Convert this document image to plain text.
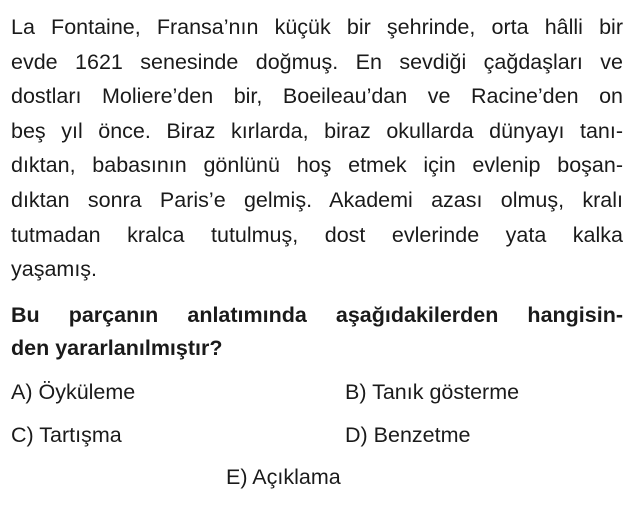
La Fontaine, Fransa’nın küçük bir şehrinde, orta hâlli bir
evde 1621 senesinde doğmuş. En sevdiği çağdaşları ve
dostları Moliere’den bir, Boeileau’dan ve Racine’den on
beş yıl önce. Biraz kırlarda, biraz okullarda dünyayı tanı-
dıktan, babasının gönlünü hoş etmek için evlenip boşan-
dıktan sonra Paris’e gelmiş. Akademi azası olmuş, kralı
tutmadan kralca tutulmuş, dost evlerinde yata kalka
yaşamış.
Bu parçanın anlatımında aşağıdakilerden hangisin-
den yararlanılmıştır?
A) Öyküleme	B) Tanık gösterme
C) Tartışma	D) Benzetme
E) Açıklama
